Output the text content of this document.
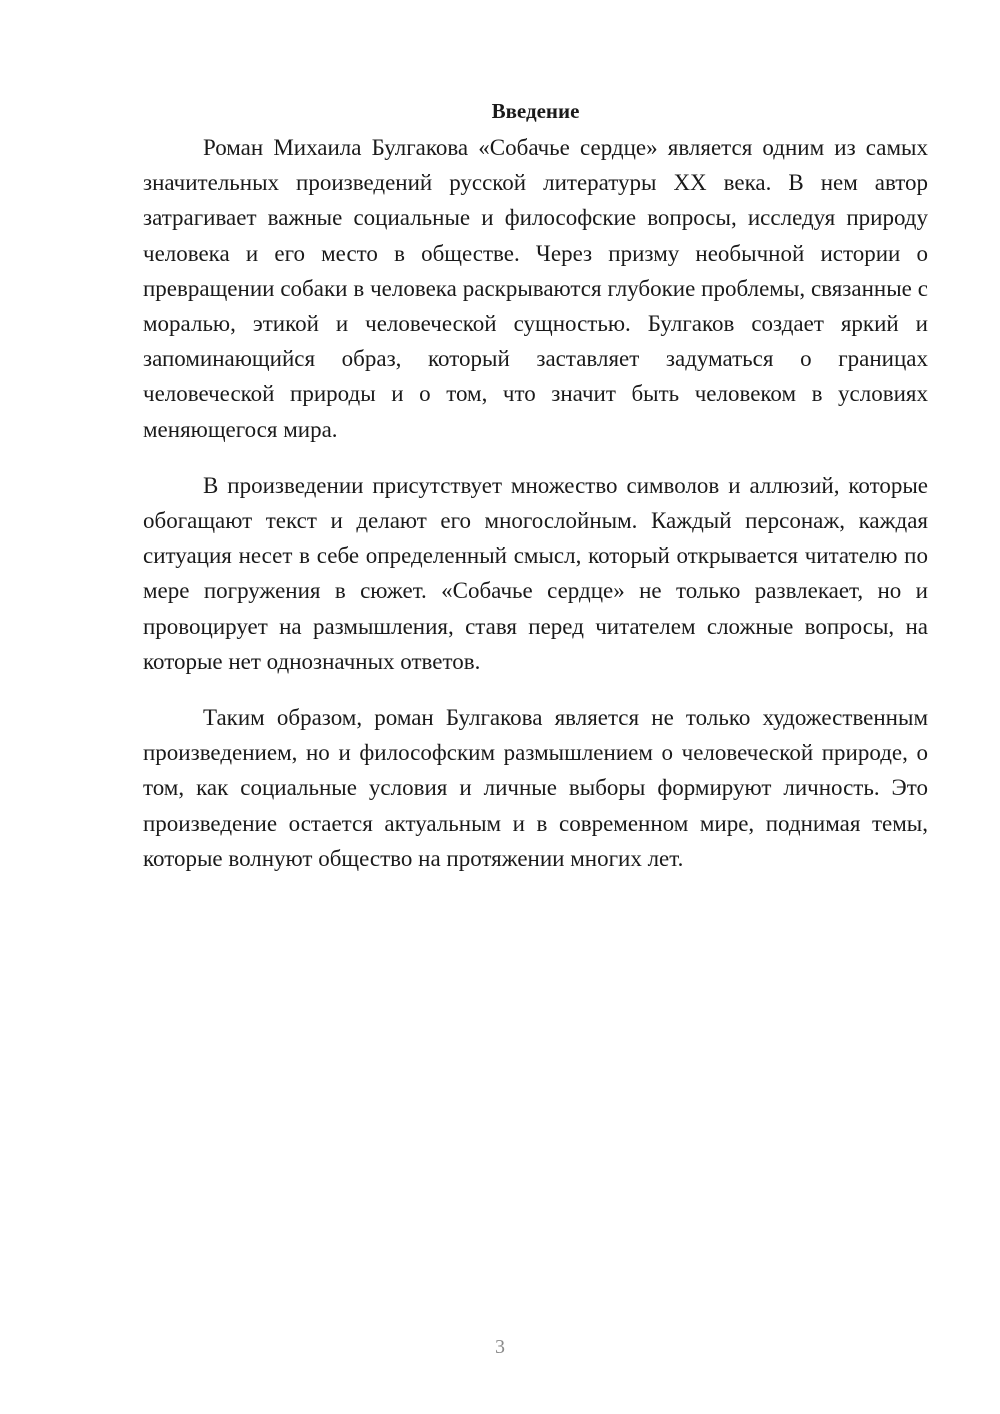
Введение

Роман Михаила Булгакова «Собачье сердце» является одним из самых значительных произведений русской литературы XX века. В нем автор затрагивает важные социальные и философские вопросы, исследуя природу человека и его место в обществе. Через призму необычной истории о превращении собаки в человека раскрываются глубокие проблемы, связанные с моралью, этикой и человеческой сущностью. Булгаков создает яркий и запоминающийся образ, который заставляет задуматься о границах человеческой природы и о том, что значит быть человеком в условиях меняющегося мира.

В произведении присутствует множество символов и аллюзий, которые обогащают текст и делают его многослойным. Каждый персонаж, каждая ситуация несет в себе определенный смысл, который открывается читателю по мере погружения в сюжет. «Собачье сердце» не только развлекает, но и провоцирует на размышления, ставя перед читателем сложные вопросы, на которые нет однозначных ответов.

Таким образом, роман Булгакова является не только художественным произведением, но и философским размышлением о человеческой природе, о том, как социальные условия и личные выборы формируют личность. Это произведение остается актуальным и в современном мире, поднимая темы, которые волнуют общество на протяжении многих лет.

3
